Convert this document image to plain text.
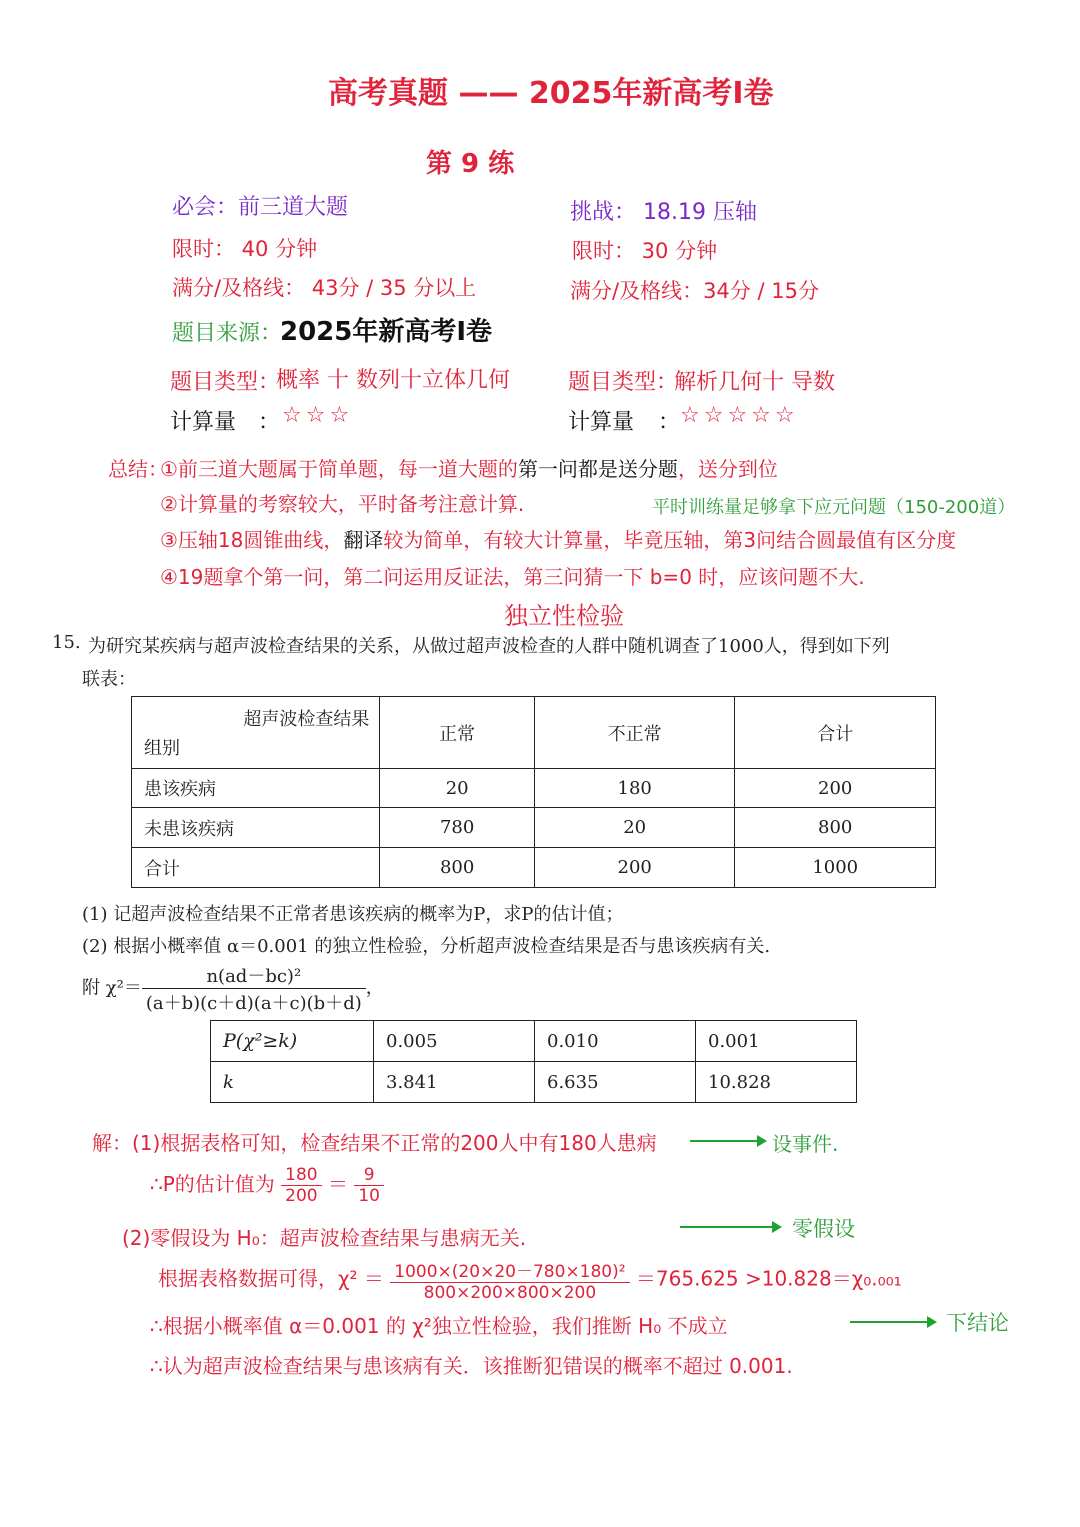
高考真题 —— 2025年新高考Ⅰ卷
第 9 练
必会：前三道大题
限时： 40 分钟
满分/及格线： 43分 / 35 分以上
题目来源：
2025年新高考Ⅰ卷
题目类型：
概率 十 数列十立体几何
计算量 ： ☆☆☆
挑战： 18.19 压轴
限时： 30 分钟
满分/及格线：34分 / 15分
题目类型：
解析几何十 导数
计算量 ： ☆☆☆☆☆
总结：
①前三道大题属于简单题，每一道大题的第一问都是送分题，送分到位
②计算量的考察较大，平时备考注意计算.	平时训练量足够拿下应元问题（150-200道）
③压轴18圆锥曲线，翻译较为简单，有较大计算量，毕竟压轴，第3问结合圆最值有区分度
④19题拿个第一问，第二问运用反证法，第三问猜一下 b=0 时，应该问题不大.
独立性检验
15. 为研究某疾病与超声波检查结果的关系，从做过超声波检查的人群中随机调查了1000人，得到如下列
联表：
超声波检查结果
组别	正常	不正常	合计
患该疾病	20	180	200
未患该疾病	780	20	800
合计	800	200	1000
(1) 记超声波检查结果不正常者患该疾病的概率为P，求P的估计值；
(2) 根据小概率值 α＝0.001 的独立性检验，分析超声波检查结果是否与患该疾病有关.
附 $\chi^2= \frac{\text{n(ad－bc)²}}{(a+b)(c+d)(a+c)(b+d)}$ ，
P(χ²≥k)	0.005	0.010	0.001
k	3.841	6.635	10.828
解：(1)根据表格可知，检查结果不正常的200人中有180人患病	设事件.
∴P的估计值为 $\frac{180}{200} = \frac{9}{10}$
(2)零假设为 H₀：超声波检查结果与患病无关.	零假设
根据表格数据可得，$\chi^2 = \frac{\text{1000×(20×20－780×180)²}}{800\times 200\times 800\times 200} =765.625 >10.828=\chi_0._{001}$
∴根据小概率值 α＝0.001 的 χ²独立性检验，我们推断 H₀ 不成立	下结论
∴认为超声波检查结果与患该病有关．该推断犯错误的概率不超过 0.001.
